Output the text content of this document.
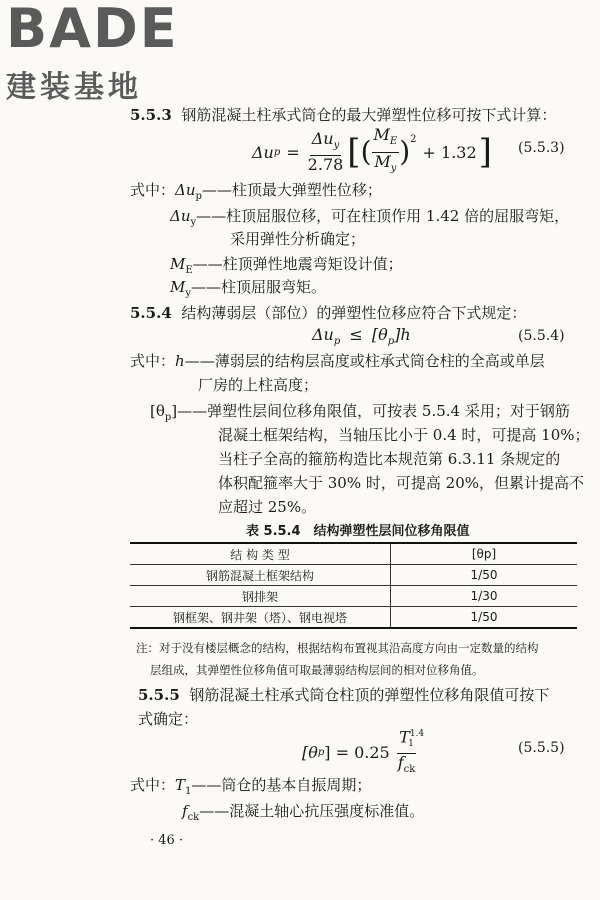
BADE
建装基地
5.5.3 钢筋混凝土柱承式筒仓的最大弹塑性位移可按下式计算：
Δu $p = \frac{\Delta u_y}{2.78}$ [ ( $\frac{M_E}{M_y} )^2$
+ 1.32 ] (5.5.3)
式中：$\Delta u_p——$柱顶最大弹塑性位移；
$\Delta u_y——$柱顶屈服位移，可在柱顶作用 1.42 倍的屈服弯矩，
采用弹性分析确定；
$M_E——$柱顶弹性地震弯矩设计值；
$M_y——$柱顶屈服弯矩。
5.5.4 结构薄弱层（部位）的弹塑性位移应符合下式规定：
$\Delta u_p \le [\theta_p]h$	(5.5.4)
式中：h——薄弱层的结构层高度或柱承式筒仓柱的全高或单层
厂房的上柱高度；
$[\theta_p]——$弹塑性层间位移角限值，可按表 5.5.4 采用；对于钢筋
混凝土框架结构，当轴压比小于 0.4 时，可提高 10%；
当柱子全高的箍筋构造比本规范第 6.3.11 条规定的
体积配箍率大于 30% 时，可提高 20%，但累计提高不
应超过 25%。
表 5.5.4　结构弹塑性层间位移角限值
结 构 类 型	[θp]
钢筋混凝土框架结构	1/50
钢排架	1/30
钢框架、钢井架（塔）、钢电视塔	1/50
注：对于没有楼层概念的结构，根据结构布置视其沿高度方向由一定数量的结构
层组成，其弹塑性位移角值可取最薄弱结构层间的相对位移角值。
5.5.5 钢筋混凝土柱承式筒仓柱顶的弹塑性位移角限值可按下
式确定：
[θ p ] = $0.25 \frac{T^{1.4}_1}{f_{ck}}$	(5.5.5)
式中：$T_1——$筒仓的基本自振周期；
$f_{ck}——$混凝土轴心抗压强度标准值。
· 46 ·
